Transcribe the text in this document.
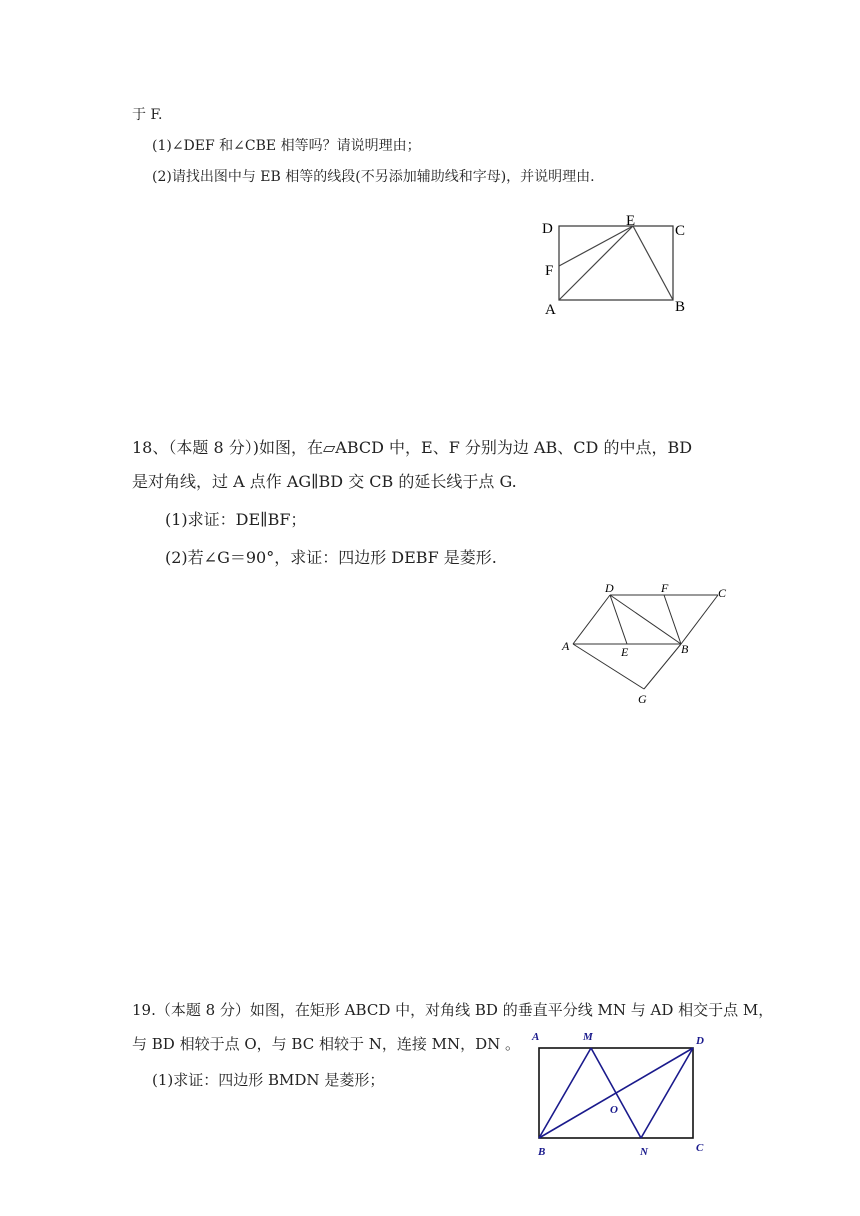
于 F.
(1)∠DEF 和∠CBE 相等吗？请说明理由；
(2)请找出图中与 EB 相等的线段(不另添加辅助线和字母)，并说明理由.
D	E
C
F
A	B
18、（本题 8 分）)如图，在▱ABCD 中，E、F 分别为边 AB、CD 的中点，BD
是对角线，过 A 点作 AG∥BD 交 CB 的延长线于点 G.
(1)求证：DE∥BF；
(2)若∠G＝90°，求证：四边形 DEBF 是菱形.
D	F	C
A	E	B
G
19.（本题 8 分）如图，在矩形 ABCD 中，对角线 BD 的垂直平分线 MN 与 AD 相交于点 M，
与 BD 相较于点 O，与 BC 相较于 N，连接 MN，DN 。
(1)求证：四边形 BMDN 是菱形；
A	M	D
O
B	N	C
